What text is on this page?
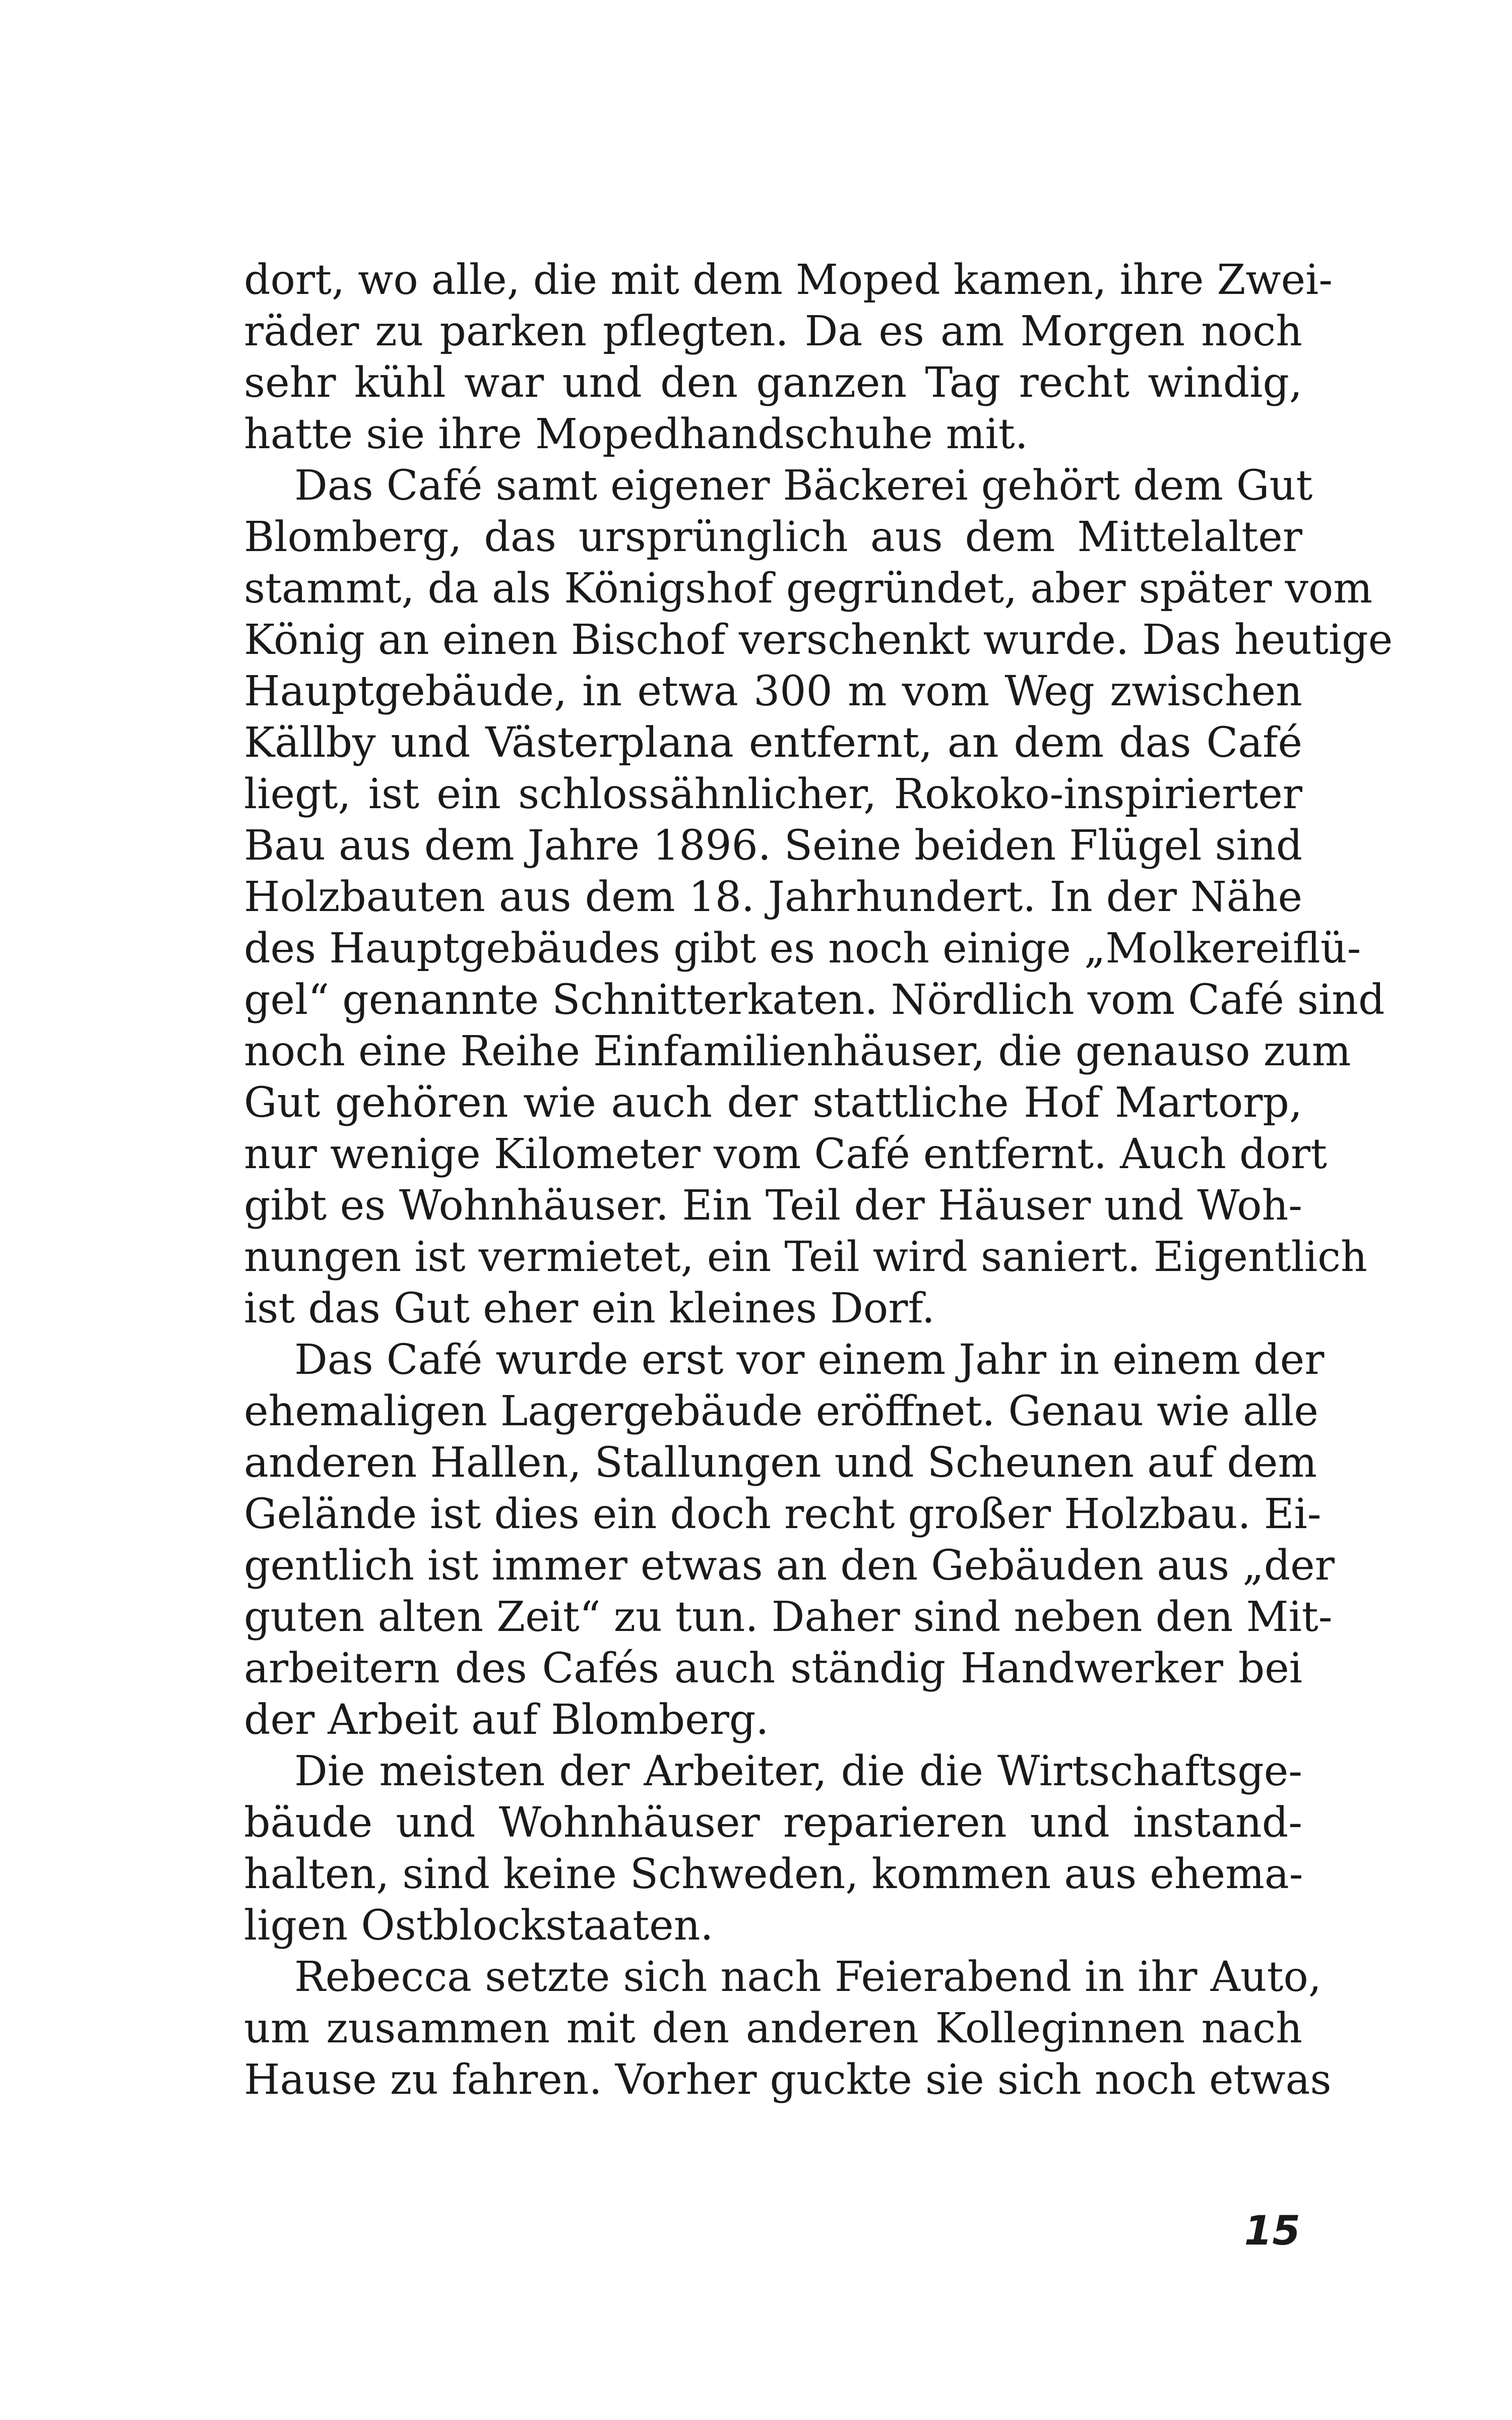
dort, wo alle, die mit dem Moped kamen, ihre Zwei-
räder zu parken pflegten. Da es am Morgen noch
sehr kühl war und den ganzen Tag recht windig,
hatte sie ihre Mopedhandschuhe mit.
Das Café samt eigener Bäckerei gehört dem Gut
Blomberg, das ursprünglich aus dem Mittelalter
stammt, da als Königshof gegründet, aber später vom
König an einen Bischof verschenkt wurde. Das heutige
Hauptgebäude, in etwa 300 m vom Weg zwischen
Källby und Västerplana entfernt, an dem das Café
liegt, ist ein schlossähnlicher, Rokoko-inspirierter
Bau aus dem Jahre 1896. Seine beiden Flügel sind
Holzbauten aus dem 18. Jahrhundert. In der Nähe
des Hauptgebäudes gibt es noch einige „Molkereiflü-
gel“ genannte Schnitterkaten. Nördlich vom Café sind
noch eine Reihe Einfamilienhäuser, die genauso zum
Gut gehören wie auch der stattliche Hof Martorp,
nur wenige Kilometer vom Café entfernt. Auch dort
gibt es Wohnhäuser. Ein Teil der Häuser und Woh-
nungen ist vermietet, ein Teil wird saniert. Eigentlich
ist das Gut eher ein kleines Dorf.
Das Café wurde erst vor einem Jahr in einem der
ehemaligen Lagergebäude eröffnet. Genau wie alle
anderen Hallen, Stallungen und Scheunen auf dem
Gelände ist dies ein doch recht großer Holzbau. Ei-
gentlich ist immer etwas an den Gebäuden aus „der
guten alten Zeit“ zu tun. Daher sind neben den Mit-
arbeitern des Cafés auch ständig Handwerker bei
der Arbeit auf Blomberg.
Die meisten der Arbeiter, die die Wirtschaftsge-
bäude und Wohnhäuser reparieren und instand-
halten, sind keine Schweden, kommen aus ehema-
ligen Ostblockstaaten.
Rebecca setzte sich nach Feierabend in ihr Auto,
um zusammen mit den anderen Kolleginnen nach
Hause zu fahren. Vorher guckte sie sich noch etwas
15
